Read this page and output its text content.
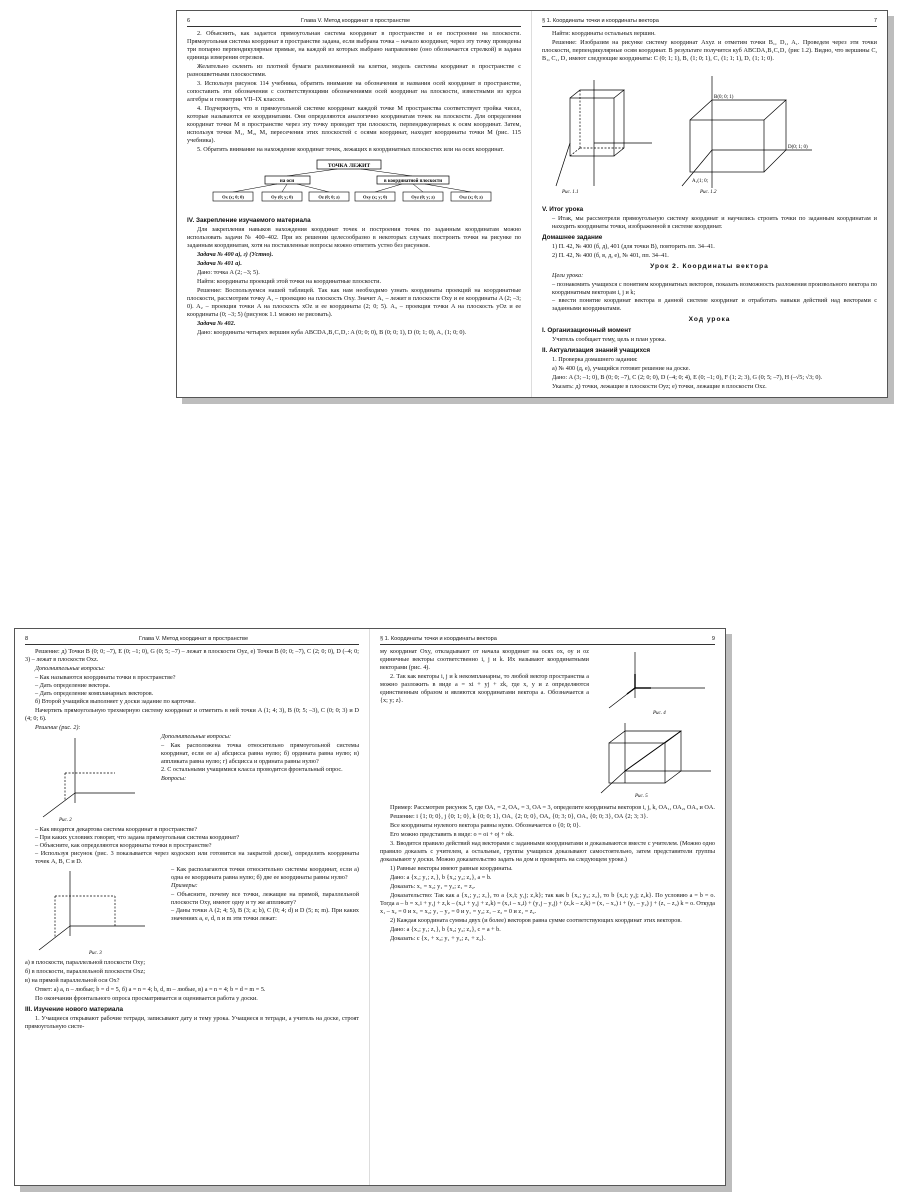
6	Глава V. Метод координат в пространстве

2. Объяснить, как задается прямоугольная система координат в пространстве и ее построение на плоскости. Прямоугольная система координат в пространстве задана, если выбрана точка – начало координат, через эту точку проведены три попарно перпендикулярные прямые, на каждой из которых выбрано направление (оно обозначается стрелкой) и задана единица измерения отрезков.

Желательно склеить из плотной бумаги разлинованной на клетки, модель системы координат в пространстве с разнoшветными плоскостями.

3. Используя рисунок 114 учебника, обратить внимание на обозначения и названия осей координат в пространстве, сопоставить эти обозначения с соответствующими обозначениями осей координат на плоскости, известными из курса алгебры и геометрии VII–IX классов.

4. Подчеркнуть, что в прямоугольной системе координат каждой точке M пространства соответствует тройка чисел, которые называются ее координатами. Они определяются аналогично координатам точек на плоскости. Для определения координат точки M в пространстве через эту точку проводят три плоскости, перпендикулярных к осям координат. Затем, используя точки M₁, M₂, M₃ пересечения этих плоскостей с осями координат, находят координаты точки M (рис. 115 учебника).

5. Обратить внимание на нахождение координат точек, лежащих в координатных плоскостях или на осях координат.

ТОЧКА ЛЕЖИТ
на оси	в координатной плоскости
Ox (x; 0; 0)	Oy (0; y; 0)	Oz (0; 0; z)	Oxy (x; y; 0)	Oyz (0; y; z)	Oxz (x; 0; z)
IV. Закрепление изучаемого материала

Для закрепления навыков нахождения координат точек и построения точек по заданным координатам можно использовать задачи № 400–402. При их решении целесообразно в некоторых случаях построить точки на рисунке по заданным координатам, хотя на поставленные вопросы можно ответить устно без рисунков.

Задача № 400 а), г) (Устно).

Задача № 401 а).

Дано: точка A (2; –3; 5).

Найти: координаты проекций этой точки на координатные плоскости.

Решение: Воспользуемся нашей таблицей. Так как нам необходимо узнать координаты проекций на координатные плоскости, рассмотрим точку A₁ – проекцию на плоскость Oxy. Значит A₁ – лежит в плоскости Oxy и ее координаты A (2; –3; 0). A₂ – проекция точки A на плоскость xOz и ее координаты (2; 0; 5). A₃ – проекция точки A на плоскость yOz и ее координаты (0; –3; 5) (рисунок 1.1 можно не рисовать).

Задача № 402.

Дано: координаты четырех вершин куба ABCDA₁B₁C₁D₁: A (0; 0; 0), B (0; 0; 1), D (0; 1; 0), A₁ (1; 0; 0).

§ 1. Координаты точки и координаты вектора	7

Найти: координаты остальных вершин.

Решение: Изобразим на рисунке систему координат Axyz и отметим точки B₁, D₁, A₁. Проведем через эти точки плоскости, перпендикулярные осям координат. В результате получится куб ABCDA₁B₁C₁D₁ (рис 1.2). Видно, что вершины C, B₁, C₁, D₁ имеют следующие координаты: C (0; 1; 1), B₁ (1; 0; 1), C₁ (1; 1; 1), D₁ (1; 1; 0).

Рис. 1.1
B(0; 0; 1)
D(0; 1; 0)
A₁(1; 0;
Рис. 1.2
V. Итог урока
– Итак, мы рассмотрели прямоугольную систему координат и научились строить точки по заданным координатам и находить координаты точки, изображенной в системе координат.
Домашнее задание

1) П. 42, № 400 (б, д), 401 (для точки B), повторить пп. 34–41.

2) П. 42, № 400 (б, в, д, е), № 401, пп. 34–41.

Урок 2. Координаты вектора

Цели урока:

– познакомить учащихся с понятием координатных векторов, показать возможность разложения произвольного вектора по координатным векторам i, j и k;
– ввести понятие координат вектора в данной системе координат и отработать навыки действий над векторами с заданными координатами.
Ход урока
I. Организационный момент

Учитель сообщает тему, цель и план урока.

II. Актуализация знаний учащихся

1. Проверка домашнего задания:

а) № 400 (д, е), учащийся готовит решение на доске.

Дано: A (3; –1; 0), B (0; 0; –7), C (2; 0; 0), D (–4; 0; 4), E (0; –1; 0), F (1; 2; 3), G (0; 5; –7), H (–√5; √3; 0).

Указать: д) точки, лежащие в плоскости Oyz; е) точки, лежащие в плоскости Oxz.

8	Глава V. Метод координат в пространстве

Решение: д) Точки B (0; 0; –7), E (0; –1; 0), G (0; 5; –7) – лежат в плоскости Oyz, е) Точки B (0; 0; –7), C (2; 0; 0), D (–4; 0; 3) – лежат в плоскости Oxz.

Дополнительные вопросы:

– Как называются координаты точки в пространстве?
– Дать определение вектора.
– Дать определение компланарных векторов.

б) Второй учащийся выполняет у доски задание по карточке.

Начертить прямоугольную трехмерную систему координат и отметить в ней точки A (1; 4; 3), B (0; 5; –3), C (0; 0; 3) и D (4; 0; 6).

Решение (рис. 2):

Рис. 2

Дополнительные вопросы:

– Как расположена точка относительно прямоугольной системы координат, если ее а) абсцисса равна нулю; б) ордината равна нулю; в) аппликата равна нулю; г) абсцисса и ордината равны нулю?

2. С остальными учащимися класса проводится фронтальный опрос.

Вопросы:

– Как вводится декартова система координат в пространстве?
– При каких условиях говорят, что задана прямоугольная система координат?
– Объясните, как определяются координаты точки в пространстве?
– Используя рисунок (рис. 3 показывается через кодоскоп или готовится на закрытой доске), определить координаты точек A, B, C и D.
Рис. 3
– Как располагаются точки относительно системы координат, если а) одна ее координата равна нулю; б) две ее координаты равны нулю?

Примеры:

– Объясните, почему все точки, лежащие на прямой, параллельной плоскости Oxy, имеют одну и ту же аппликату?
– Даны точки A (2; 4; 5), B (3; a; b), C (0; 4; d) и D (5; n; m). При каких значениях a, e, d, n и m эти точки лежат:

а) в плоскости, параллельной плоскости Oxy;

б) в плоскости, параллельной плоскости Oxz;

в) на прямой параллельной оси Ox?

Ответ: а) a, n – любые; b = d = 5, б) a = n = 4; b, d, m – любые, в) a = n = 4; b = d = m = 5.

По окончании фронтального опроса просматривается и оценивается работа у доски.

III. Изучение нового материала

1. Учащиеся открывают рабочие тетради, записывают дату и тему урока. Учащиеся в тетради, а учитель на доске, строят прямоугольную систе-

§ 1. Координаты точки и координаты вектора	9

му координат Oxy, откладывают от начала координат на осях ox, oy и oz единичные векторы соответственно i, j и k. Их называют координатными векторами (рис. 4).

2. Так как векторы i, j и k некомпланарны, то любой вектор пространства a можно разложить в виде a = xi + yj + zk, где x, y и z определяются единственным образом и являются координатами вектора a. Обозначается a {x; y; z}.

Рис. 4

Рис. 5

Пример: Рассмотрев рисунок 5, где OA₁ = 2, OA₂ = 3, OA = 3, определите координаты векторов i, j, k, OA₁, OA₂, OA₃ и OA.

Решение: i {1; 0; 0}, j {0; 1; 0}, k {0; 0; 1}, OA₁ {2; 0; 0}, OA₂ {0; 3; 0}, OA₃ {0; 0; 3}, OA {2; 3; 3}.

Все координаты нулевого вектора равны нулю. Обозначается o {0; 0; 0}.

Его можно представить в виде: o = oi + oj + ok.

3. Вводится правило действий над векторами с заданными координатами и доказываются вместе с учителем. (Можно одно правило доказать с учителем, а остальные, группы учащихся доказывают самостоятельно, затем представители группы доказывают у доски. Можно доказательство задать на дом и проверить на следующем уроке.)

1) Равные векторы имеют равные координаты.

Дано: a {x₁; y₁; z₁}, b {x₂; y₂; z₂}, a = b.

Доказать: x₁ = x₂; y₁ = y₂; z₁ = z₂.

Доказательство: Так как a {x₁; y₁; z₁}, то a {x₁i; y₁j; z₁k}; так как b {x₂; y₂; z₂}, то b {x₂i; y₂j; z₂k}. По условию a = b = o. Тогда a – b = x₁i + y₁j + z₁k – (x₂i + y₂j + z₂k) = (x₁i – x₂i) + (y₁j – y₂j) + (z₁k – z₂k) = (x₁ – x₂) i + (y₁ – y₂) j + (z₁ – z₂) k = o. Откуда x₁ – x₂ = 0 и x₁ = x₂; y₁ – y₂ = 0 и y₁ = y₂; z₁ – z₂ = 0 и z₁ = z₂.

2) Каждая координата суммы двух (и более) векторов равна сумме соответствующих координат этих векторов.

Дано: a {x₁; y₁; z₁}, b {x₂; y₂; z₂}, c = a + b.

Доказать: c {x₁ + x₂; y₁ + y₂; z₁ + z₂}.
